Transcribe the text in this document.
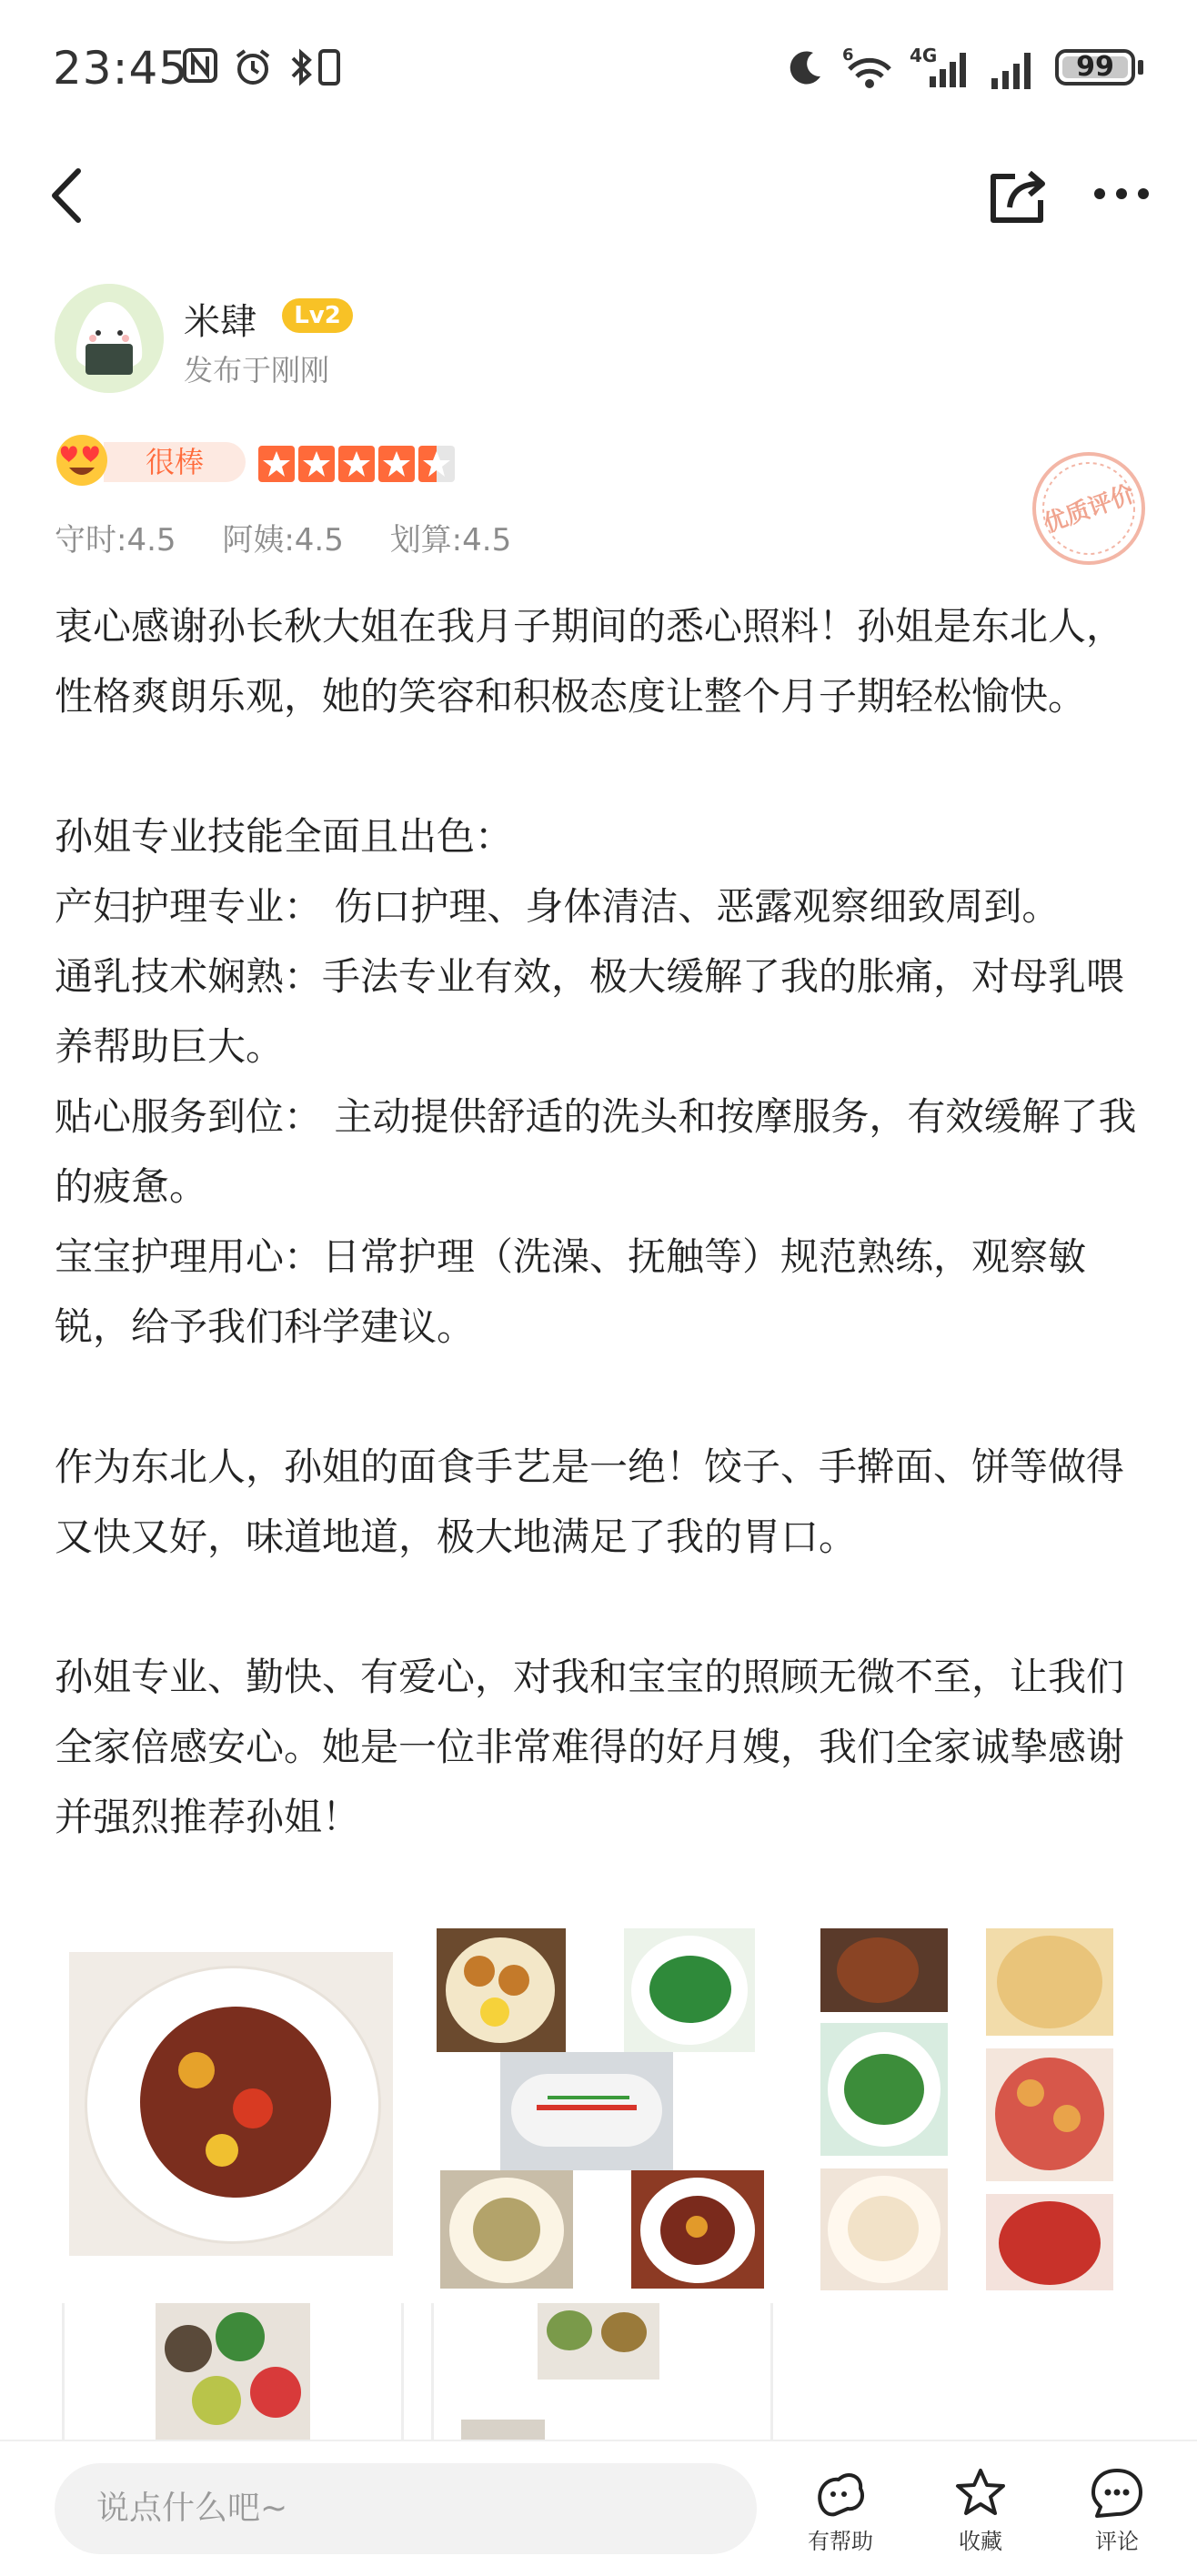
23:45	6	4G	99
米肆	Lv2
发布于刚刚
很棒
守时:4.5 阿姨:4.5 划算:4.5
优质评价

衷心感谢孙长秋大姐在我月子期间的悉心照料！孙姐是东北人，性格爽朗乐观，她的笑容和积极态度让整个月子期轻松愉快。

孙姐专业技能全面且出色：

产妇护理专业： 伤口护理、身体清洁、恶露观察细致周到。

通乳技术娴熟：手法专业有效，极大缓解了我的胀痛，对母乳喂养帮助巨大。

贴心服务到位： 主动提供舒适的洗头和按摩服务，有效缓解了我的疲惫。

宝宝护理用心：日常护理（洗澡、抚触等）规范熟练，观察敏锐，给予我们科学建议。

作为东北人，孙姐的面食手艺是一绝！饺子、手擀面、饼等做得又快又好，味道地道，极大地满足了我的胃口。

孙姐专业、勤快、有爱心，对我和宝宝的照顾无微不至，让我们全家倍感安心。她是一位非常难得的好月嫂，我们全家诚挚感谢并强烈推荐孙姐！

说点什么吧~
有帮助	收藏	评论
